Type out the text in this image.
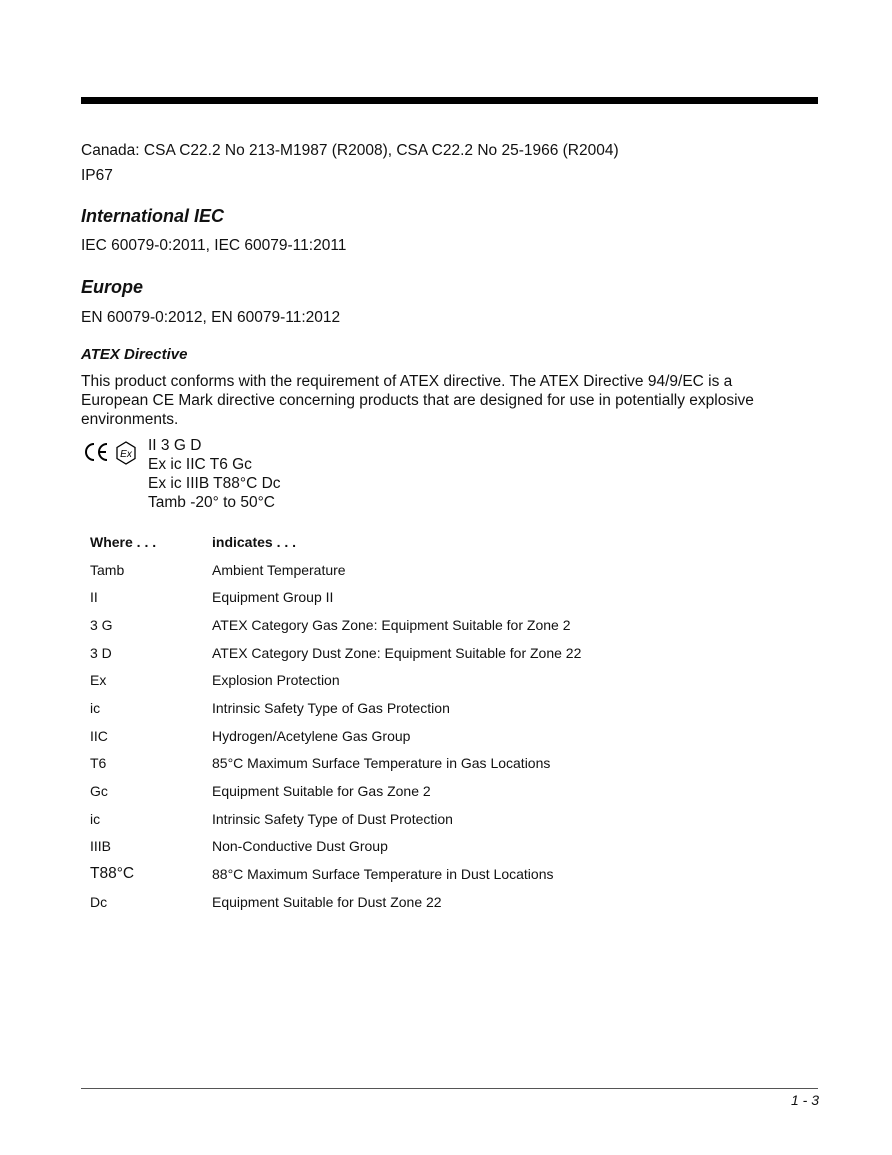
Canada: CSA C22.2 No 213-M1987 (R2008), CSA C22.2 No 25-1966 (R2004)

IP67

International IEC

IEC 60079-0:2011, IEC 60079-11:2011

Europe

EN 60079-0:2012, EN 60079-11:2012

ATEX Directive

This product conforms with the requirement of ATEX directive. The ATEX Directive 94/9/EC is a European CE Mark directive concerning products that are designed for use in potentially explosive environments.

Ex
II 3 G D
Ex ic IIC T6 Gc
Ex ic IIIB T88°C Dc
Tamb -20° to 50°C
Where . . .	indicates . . .
Tamb	Ambient Temperature
II	Equipment Group II
3 G	ATEX Category Gas Zone: Equipment Suitable for Zone 2
3 D	ATEX Category Dust Zone: Equipment Suitable for Zone 22
Ex	Explosion Protection
ic	Intrinsic Safety Type of Gas Protection
IIC	Hydrogen/Acetylene Gas Group
T6	85°C Maximum Surface Temperature in Gas Locations
Gc	Equipment Suitable for Gas Zone 2
ic	Intrinsic Safety Type of Dust Protection
IIIB	Non-Conductive Dust Group
T88°C	88°C Maximum Surface Temperature in Dust Locations
Dc	Equipment Suitable for Dust Zone 22
1 - 3
